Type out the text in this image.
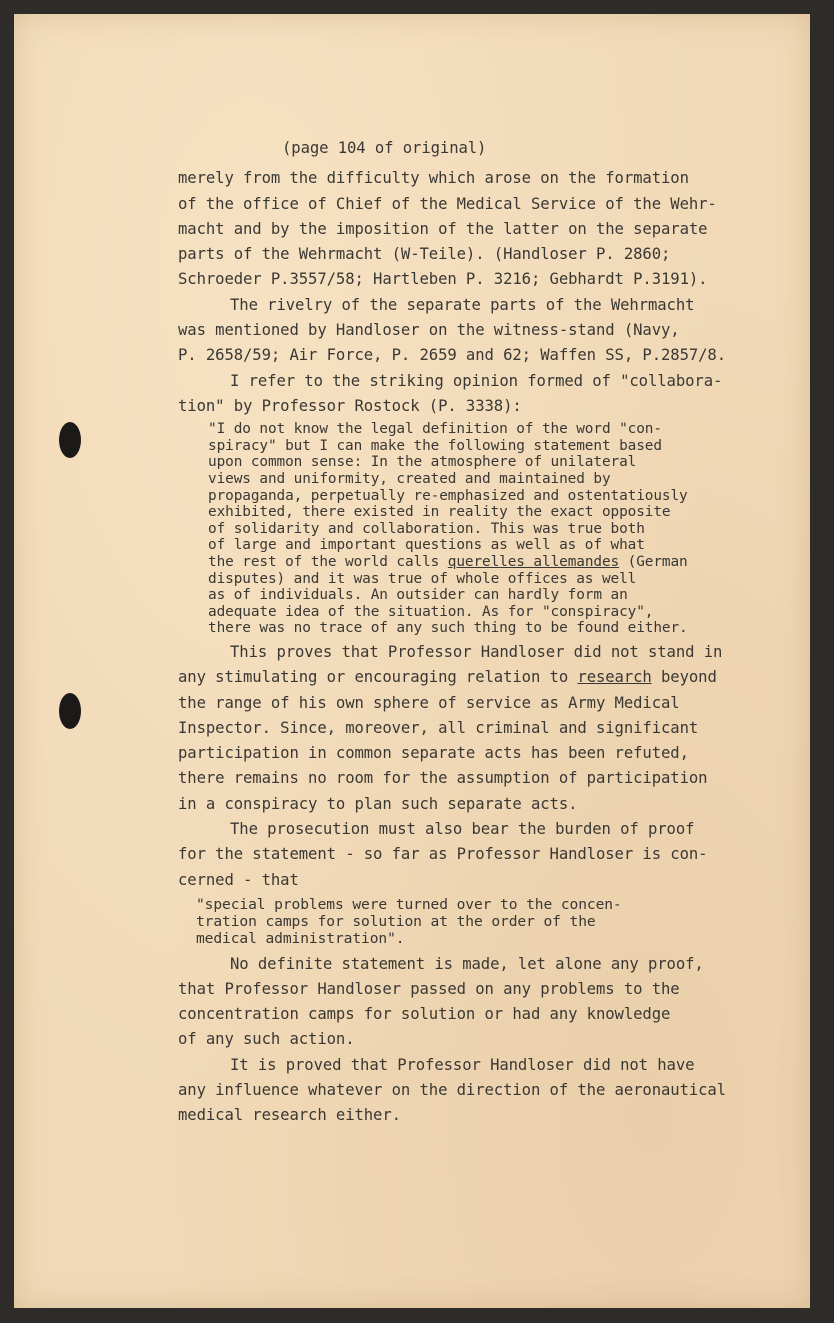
(page 104 of original)
merely from the difficulty which arose on the formation
of the office of Chief of the Medical Service of the Wehr-
macht and by the imposition of the latter on the separate
parts of the Wehrmacht (W-Teile). (Handloser P. 2860;
Schroeder P.3557/58; Hartleben P. 3216; Gebhardt P.3191).
The rivelry of the separate parts of the Wehrmacht
was mentioned by Handloser on the witness-stand (Navy,
P. 2658/59; Air Force, P. 2659 and 62; Waffen SS, P.2857/8.
I refer to the striking opinion formed of "collabora-
tion" by Professor Rostock (P. 3338):
"I do not know the legal definition of the word "con-
spiracy" but I can make the following statement based
upon common sense: In the atmosphere of unilateral
views and uniformity, created and maintained by
propaganda, perpetually re-emphasized and ostentatiously
exhibited, there existed in reality the exact opposite
of solidarity and collaboration. This was true both
of large and important questions as well as of what
the rest of the world calls querelles allemandes (German
disputes) and it was true of whole offices as well
as of individuals. An outsider can hardly form an
adequate idea of the situation. As for "conspiracy",
there was no trace of any such thing to be found either.
This proves that Professor Handloser did not stand in
any stimulating or encouraging relation to research beyond
the range of his own sphere of service as Army Medical
Inspector. Since, moreover, all criminal and significant
participation in common separate acts has been refuted,
there remains no room for the assumption of participation
in a conspiracy to plan such separate acts.
The prosecution must also bear the burden of proof
for the statement - so far as Professor Handloser is con-
cerned - that
"special problems were turned over to the concen-
tration camps for solution at the order of the
medical administration".
No definite statement is made, let alone any proof,
that Professor Handloser passed on any problems to the
concentration camps for solution or had any knowledge
of any such action.
It is proved that Professor Handloser did not have
any influence whatever on the direction of the aeronautical
medical research either.
